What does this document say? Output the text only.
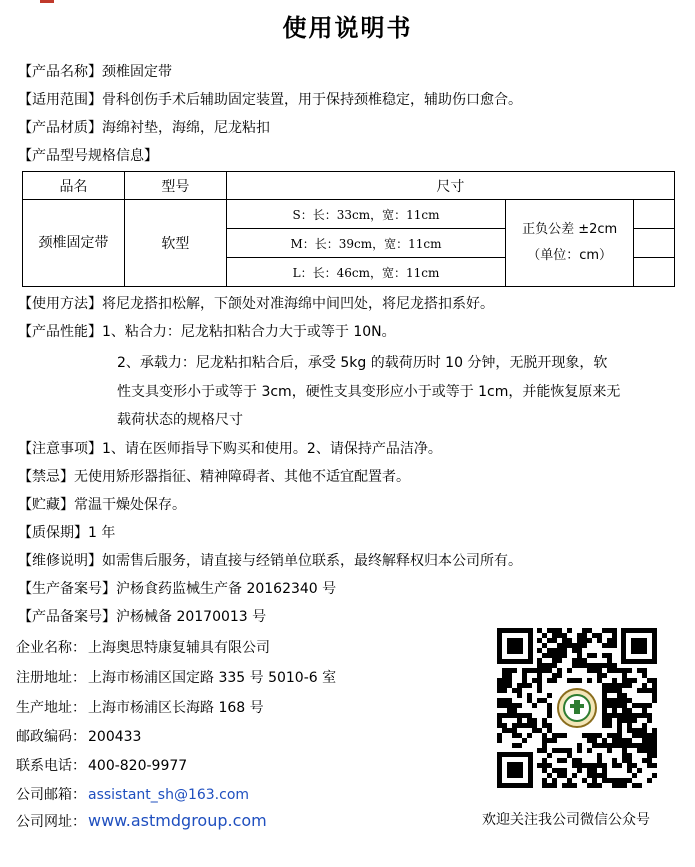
使用说明书
【产品名称】颈椎固定带
【适用范围】骨科创伤手术后辅助固定装置，用于保持颈椎稳定，辅助伤口愈合。
【产品材质】海绵衬垫，海绵，尼龙粘扣
【产品型号规格信息】
品名	型号	尺寸		
颈椎固定带	软型	S：长：33cm，宽：11cm	正负公差 ±2cm
（单位：cm）	

		M：长：39cm，宽：11cm		
		L：长：46cm，宽：11cm		
【使用方法】将尼龙搭扣松解，下颌处对准海绵中间凹处，将尼龙搭扣系好。
【产品性能】1、粘合力：尼龙粘扣粘合力大于或等于 10N。
2、承载力：尼龙粘扣粘合后，承受 5kg 的载荷历时 10 分钟，无脱开现象，软
性支具变形小于或等于 3cm，硬性支具变形应小于或等于 1cm，并能恢复原来无
载荷状态的规格尺寸
【注意事项】1、请在医师指导下购买和使用。2、请保持产品洁净。
【禁忌】无使用矫形器指征、精神障碍者、其他不适宜配置者。
【贮藏】常温干燥处保存。
【质保期】1 年
【维修说明】如需售后服务，请直接与经销单位联系，最终解释权归本公司所有。
【生产备案号】沪杨食药监械生产备 20162340 号
【产品备案号】沪杨械备 20170013 号
企业名称： 上海奥思特康复辅具有限公司
注册地址： 上海市杨浦区国定路 335 号 5010-6 室
生产地址： 上海市杨浦区长海路 168 号
邮政编码： 200433
联系电话： 400-820-9977
公司邮箱： assistant_sh@163.com
公司网址： www.astmdgroup.com	欢迎关注我公司微信公众号
